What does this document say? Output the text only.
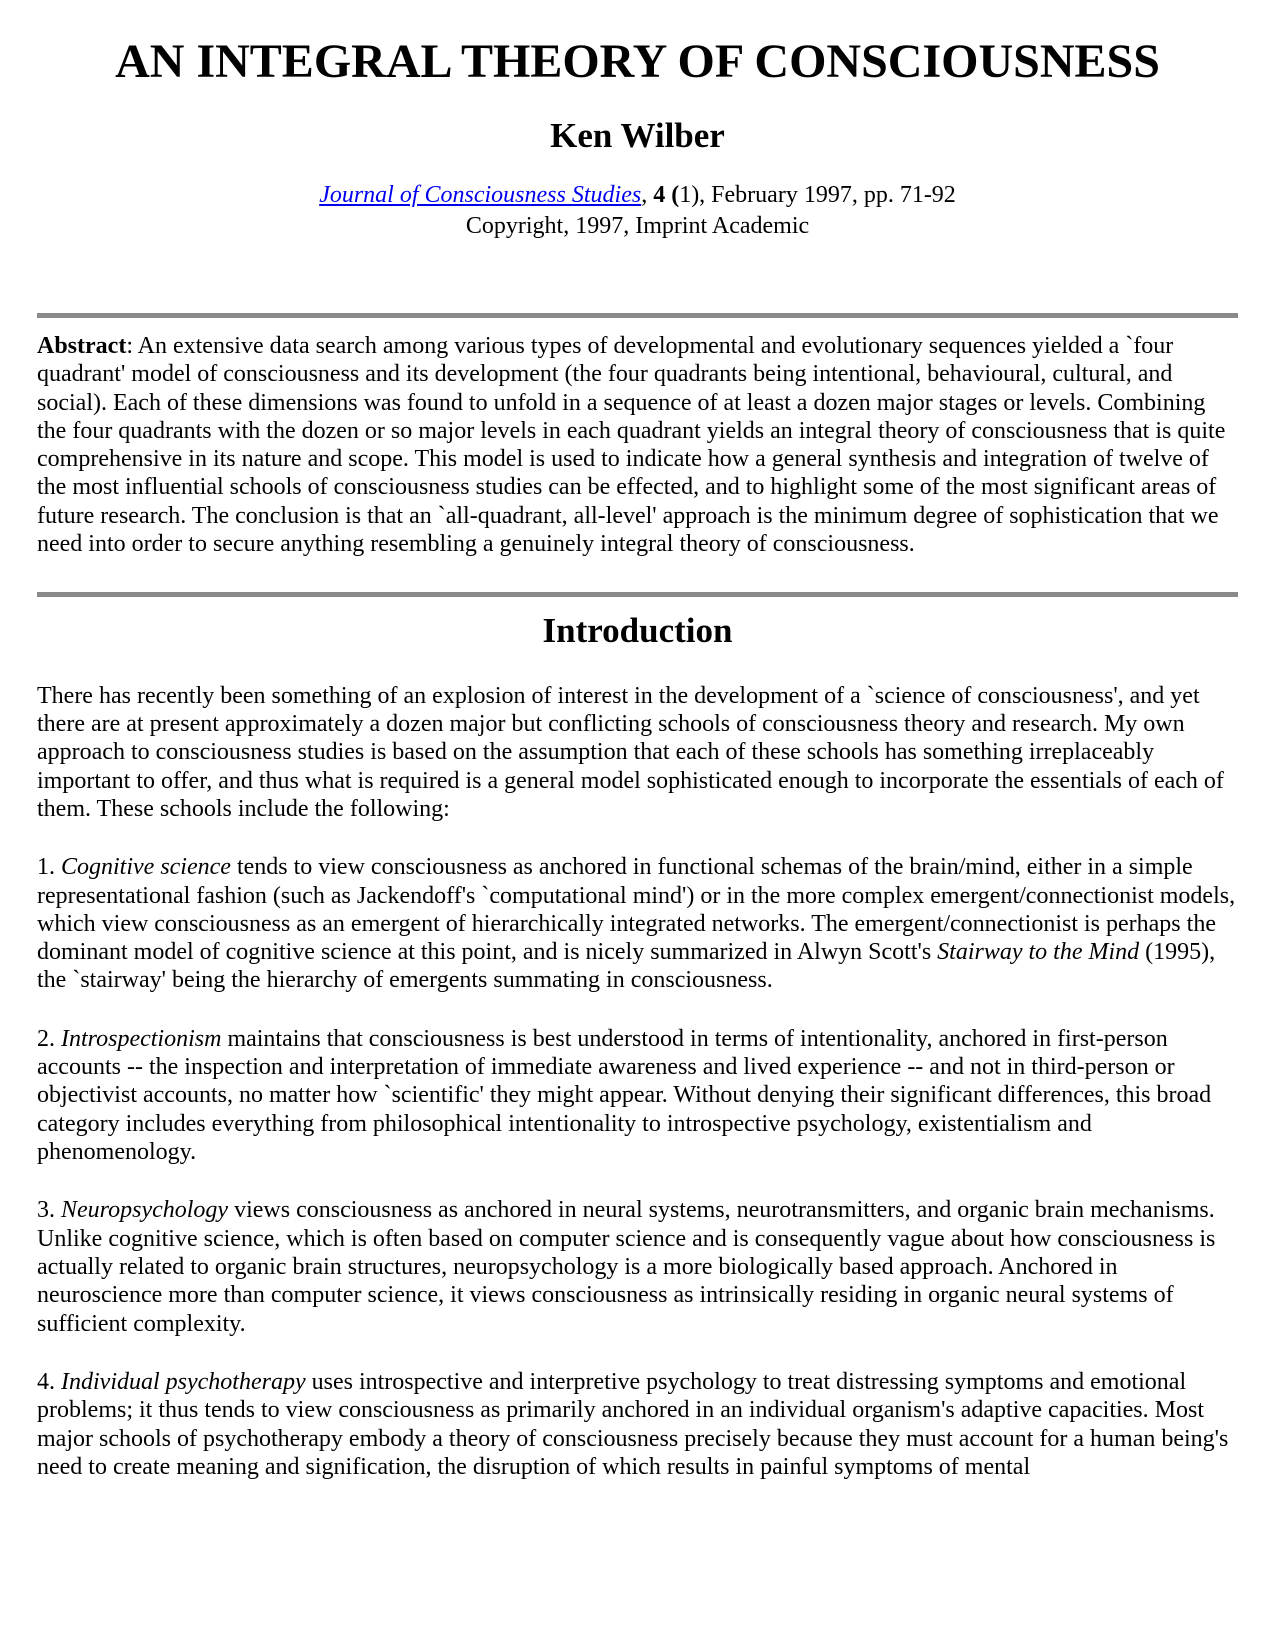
AN INTEGRAL THEORY OF CONSCIOUSNESS
Ken Wilber

Journal of Consciousness Studies, 4 (1), February 1997, pp. 71-92

Copyright, 1997, Imprint Academic

Abstract: An extensive data search among various types of developmental and evolutionary sequences yielded a `four quadrant' model of consciousness and its development (the four quadrants being intentional, behavioural, cultural, and social). Each of these dimensions was found to unfold in a sequence of at least a dozen major stages or levels. Combining the four quadrants with the dozen or so major levels in each quadrant yields an integral theory of consciousness that is quite comprehensive in its nature and scope. This model is used to indicate how a general synthesis and integration of twelve of the most influential schools of consciousness studies can be effected, and to highlight some of the most significant areas of future research. The conclusion is that an `all-quadrant, all-level' approach is the minimum degree of sophistication that we need into order to secure anything resembling a genuinely integral theory of consciousness.

Introduction

There has recently been something of an explosion of interest in the development of a `science of consciousness', and yet there are at present approximately a dozen major but conflicting schools of consciousness theory and research. My own approach to consciousness studies is based on the assumption that each of these schools has something irreplaceably important to offer, and thus what is required is a general model sophisticated enough to incorporate the essentials of each of them. These schools include the following:

1. Cognitive science tends to view consciousness as anchored in functional schemas of the brain/mind, either in a simple representational fashion (such as Jackendoff's `computational mind') or in the more complex emergent/connectionist models, which view consciousness as an emergent of hierarchically integrated networks. The emergent/connectionist is perhaps the dominant model of cognitive science at this point, and is nicely summarized in Alwyn Scott's Stairway to the Mind (1995), the `stairway' being the hierarchy of emergents summating in consciousness.

2. Introspectionism maintains that consciousness is best understood in terms of intentionality, anchored in first-person accounts -- the inspection and interpretation of immediate awareness and lived experience -- and not in third-person or objectivist accounts, no matter how `scientific' they might appear. Without denying their significant differences, this broad category includes everything from philosophical intentionality to introspective psychology, existentialism and phenomenology.

3. Neuropsychology views consciousness as anchored in neural systems, neurotransmitters, and organic brain mechanisms. Unlike cognitive science, which is often based on computer science and is consequently vague about how consciousness is actually related to organic brain structures, neuropsychology is a more biologically based approach. Anchored in neuroscience more than computer science, it views consciousness as intrinsically residing in organic neural systems of sufficient complexity.

4. Individual psychotherapy uses introspective and interpretive psychology to treat distressing symptoms and emotional problems; it thus tends to view consciousness as primarily anchored in an individual organism's adaptive capacities. Most major schools of psychotherapy embody a theory of consciousness precisely because they must account for a human being's need to create meaning and signification, the disruption of which results in painful symptoms of mental
